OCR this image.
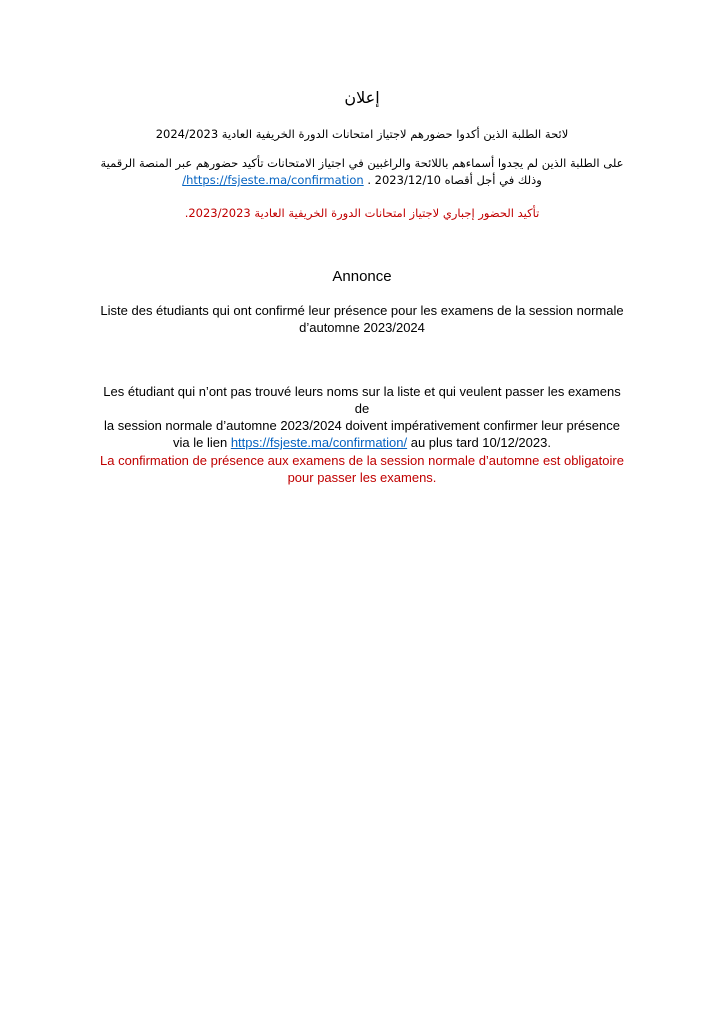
إعلان
لائحة الطلبة الذين أكدوا حضورهم لاجتياز امتحانات الدورة الخريفية العادية 2024/2023
على الطلبة الذين لم يجدوا أسماءهم باللائحة والراغبين في اجتياز الامتحانات تأكيد حضورهم عبر المنصة الرقمية
وذلك في أجل أقصاه 2023/12/10 . https://fsjeste.ma/confirmation/
تأكيد الحضور إجباري لاجتياز امتحانات الدورة الخريفية العادية 2023/2023.
Annonce
Liste des étudiants qui ont confirmé leur présence pour les examens de la session normale
d’automne 2023/2024
Les étudiant qui n’ont pas trouvé leurs noms sur la liste et qui veulent passer les examens de
la session normale d’automne 2023/2024 doivent impérativement confirmer leur présence
via le lien https://fsjeste.ma/confirmation/ au plus tard 10/12/2023.
La confirmation de présence aux examens de la session normale d’automne est obligatoire
pour passer les examens.
